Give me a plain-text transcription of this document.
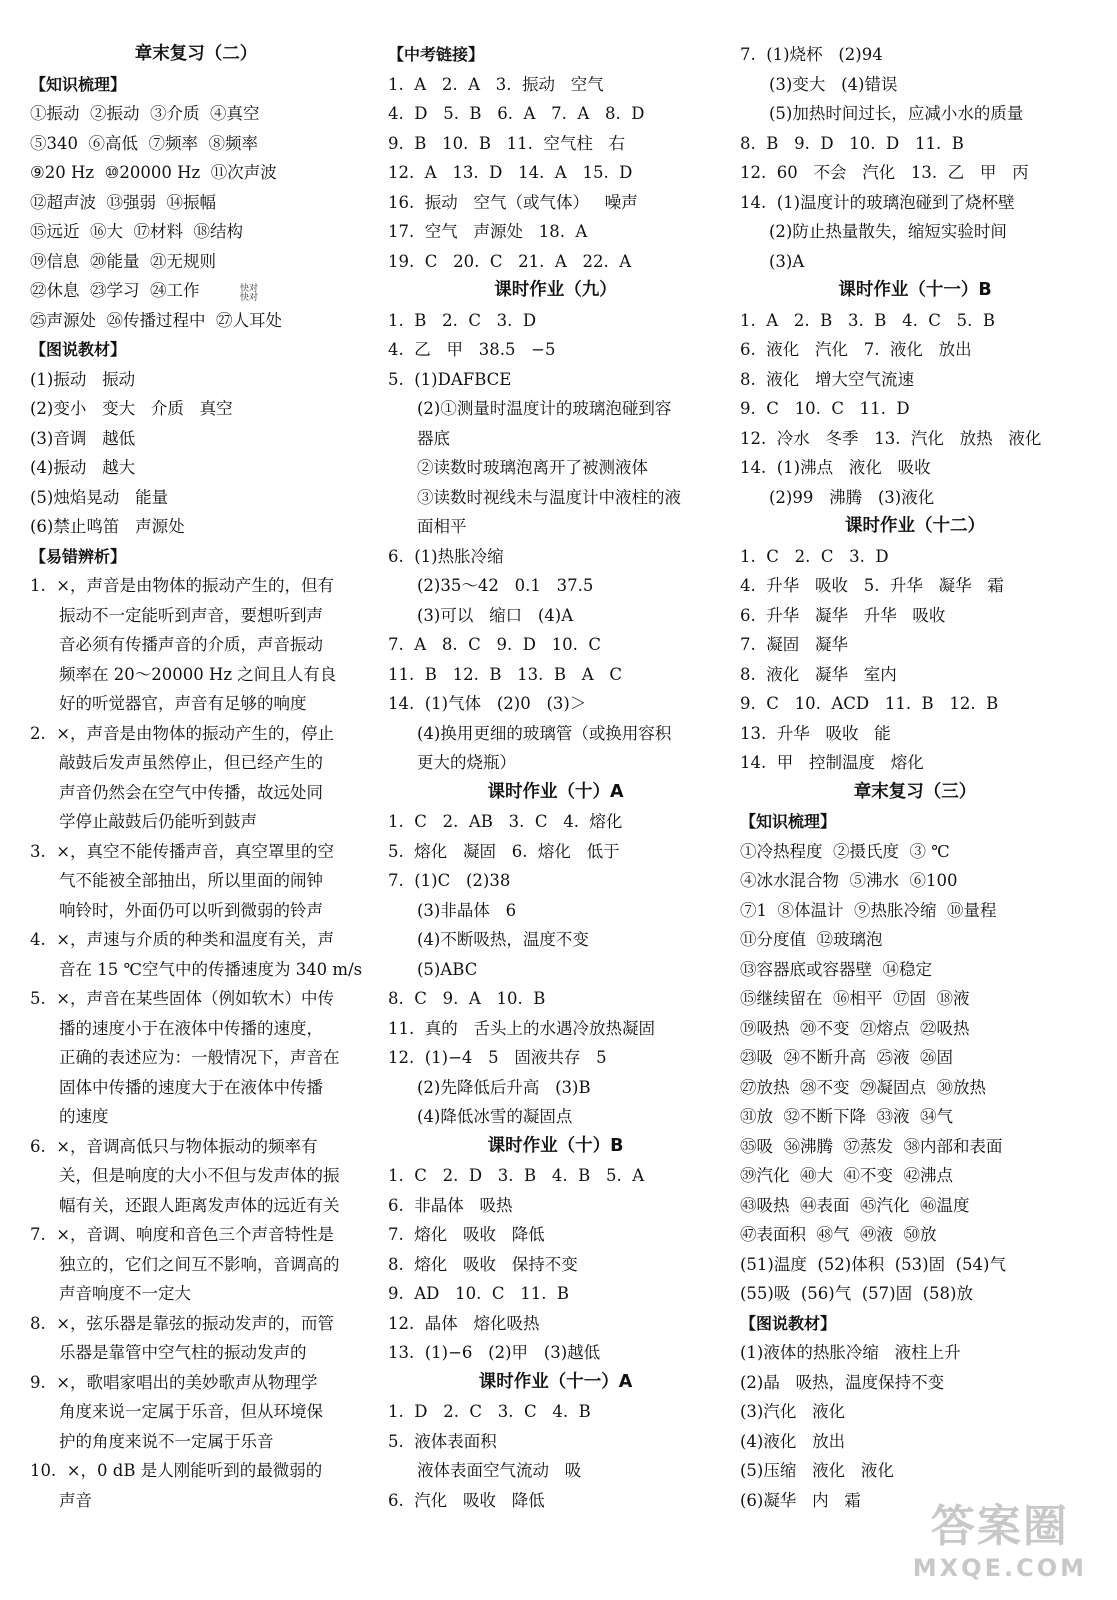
章末复习（二）
【知识梳理】
①振动  ②振动  ③介质  ④真空
⑤340  ⑥高低  ⑦频率  ⑧频率
⑨20 Hz  ⑩20000 Hz  ⑪次声波
⑫超声波  ⑬强弱  ⑭振幅
⑮远近  ⑯大  ⑰材料  ⑱结构
⑲信息  ⑳能量  ㉑无规则
㉒休息  ㉓学习  ㉔工作
㉕声源处  ㉖传播过程中  ㉗人耳处
【图说教材】
(1)振动   振动
(2)变小   变大   介质   真空
(3)音调   越低
(4)振动   越大
(5)烛焰晃动   能量
(6)禁止鸣笛   声源处
【易错辨析】
1.  ×，声音是由物体的振动产生的，但有
振动不一定能听到声音，要想听到声
音必须有传播声音的介质，声音振动
频率在 20～20000 Hz 之间且人有良
好的听觉器官，声音有足够的响度
2.  ×，声音是由物体的振动产生的，停止
敲鼓后发声虽然停止，但已经产生的
声音仍然会在空气中传播，故远处同
学停止敲鼓后仍能听到鼓声
3.  ×，真空不能传播声音，真空罩里的空
气不能被全部抽出，所以里面的闹钟
响铃时，外面仍可以听到微弱的铃声
4.  ×，声速与介质的种类和温度有关，声
音在 15 ℃空气中的传播速度为 340 m/s
5.  ×，声音在某些固体（例如软木）中传
播的速度小于在液体中传播的速度，
正确的表述应为：一般情况下，声音在
固体中传播的速度大于在液体中传播
的速度
6.  ×，音调高低只与物体振动的频率有
关，但是响度的大小不但与发声体的振
幅有关，还跟人距离发声体的远近有关
7.  ×，音调、响度和音色三个声音特性是
独立的，它们之间互不影响，音调高的
声音响度不一定大
8.  ×，弦乐器是靠弦的振动发声的，而管
乐器是靠管中空气柱的振动发声的
9.  ×，歌唱家唱出的美妙歌声从物理学
角度来说一定属于乐音，但从环境保
护的角度来说不一定属于乐音
10.  ×，0 dB 是人刚能听到的最微弱的
声音
【中考链接】
1.  A   2.  A   3.  振动   空气
4.  D   5.  B   6.  A   7.  A   8.  D
9.  B   10.  B   11.  空气柱   右
12.  A   13.  D   14.  A   15.  D
16.  振动   空气（或气体）   噪声
17.  空气   声源处   18.  A
19.  C   20.  C   21.  A   22.  A
课时作业（九）
1.  B   2.  C   3.  D
4.  乙   甲   38.5   −5
5.  (1)DAFBCE
(2)①测量时温度计的玻璃泡碰到容
器底
②读数时玻璃泡离开了被测液体
③读数时视线未与温度计中液柱的液
面相平
6.  (1)热胀冷缩
(2)35～42   0.1   37.5
(3)可以   缩口   (4)A
7.  A   8.  C   9.  D   10.  C
11.  B   12.  B   13.  B   A   C
14.  (1)气体   (2)0   (3)＞
(4)换用更细的玻璃管（或换用容积
更大的烧瓶）
课时作业（十）A
1.  C   2.  AB   3.  C   4.  熔化
5.  熔化   凝固   6.  熔化   低于
7.  (1)C   (2)38
(3)非晶体   6
(4)不断吸热，温度不变
(5)ABC
8.  C   9.  A   10.  B
11.  真的   舌头上的水遇冷放热凝固
12.  (1)−4   5   固液共存   5
(2)先降低后升高   (3)B
(4)降低冰雪的凝固点
课时作业（十）B
1.  C   2.  D   3.  B   4.  B   5.  A
6.  非晶体   吸热
7.  熔化   吸收   降低
8.  熔化   吸收   保持不变
9.  AD   10.  C   11.  B
12.  晶体   熔化吸热
13.  (1)−6   (2)甲   (3)越低
课时作业（十一）A
1.  D   2.  C   3.  C   4.  B
5.  液体表面积
液体表面空气流动   吸
6.  汽化   吸收   降低
7.  (1)烧杯   (2)94
(3)变大   (4)错误
(5)加热时间过长，应减小水的质量
8.  B   9.  D   10.  D   11.  B
12.  60   不会   汽化   13.  乙   甲   丙
14.  (1)温度计的玻璃泡碰到了烧杯壁
(2)防止热量散失，缩短实验时间
(3)A
课时作业（十一）B
1.  A   2.  B   3.  B   4.  C   5.  B
6.  液化   汽化   7.  液化   放出
8.  液化   增大空气流速
9.  C   10.  C   11.  D
12.  冷水   冬季   13.  汽化   放热   液化
14.  (1)沸点   液化   吸收
(2)99   沸腾   (3)液化
课时作业（十二）
1.  C   2.  C   3.  D
4.  升华   吸收   5.  升华   凝华   霜
6.  升华   凝华   升华   吸收
7.  凝固   凝华
8.  液化   凝华   室内
9.  C   10.  ACD   11.  B   12.  B
13.  升华   吸收   能
14.  甲   控制温度   熔化
章末复习（三）
【知识梳理】
①冷热程度  ②摄氏度  ③ ℃
④冰水混合物  ⑤沸水  ⑥100
⑦1  ⑧体温计  ⑨热胀冷缩  ⑩量程
⑪分度值  ⑫玻璃泡
⑬容器底或容器壁  ⑭稳定
⑮继续留在  ⑯相平  ⑰固  ⑱液
⑲吸热  ⑳不变  ㉑熔点  ㉒吸热
㉓吸  ㉔不断升高  ㉕液  ㉖固
㉗放热  ㉘不变  ㉙凝固点  ㉚放热
㉛放  ㉜不断下降  ㉝液  ㉞气
㉟吸  ㊱沸腾  ㊲蒸发  ㊳内部和表面
㊴汽化  ㊵大  ㊶不变  ㊷沸点
㊸吸热  ㊹表面  ㊺汽化  ㊻温度
㊼表面积  ㊽气  ㊾液  ㊿放
(51)温度  (52)体积  (53)固  (54)气
(55)吸  (56)气  (57)固  (58)放
【图说教材】
(1)液体的热胀冷缩   液柱上升
(2)晶   吸热，温度保持不变
(3)汽化   液化
(4)液化   放出
(5)压缩   液化   液化
(6)凝华   内   霜
快对 快对
答案圈
MXQE.COM
